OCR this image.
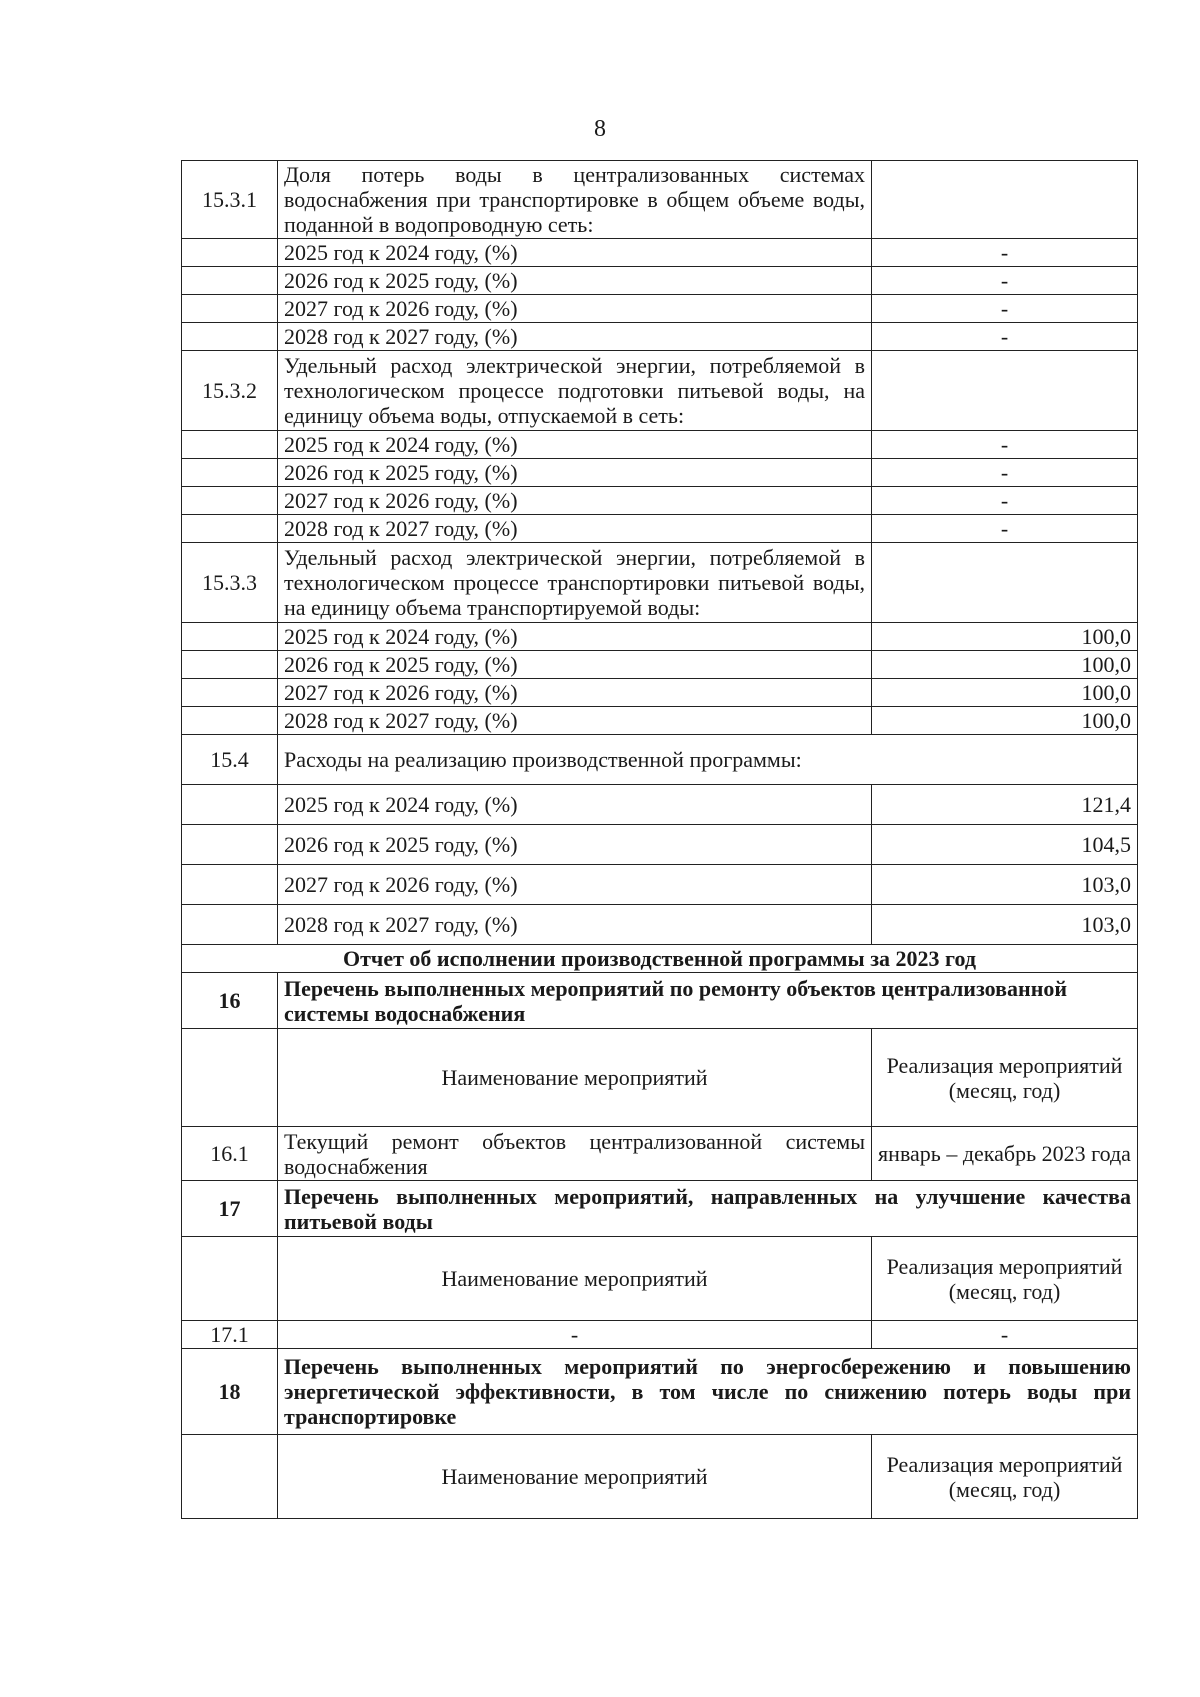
8
15.3.1	Доля потерь воды в централизованных системах водоснабжения при транспортировке в общем объеме воды, поданной в водопроводную сеть:	
	2025 год к 2024 году, (%)	-
	2026 год к 2025 году, (%)	-
	2027 год к 2026 году, (%)	-
	2028 год к 2027 году, (%)	-
15.3.2	Удельный расход электрической энергии, потребляемой в технологическом процессе подготовки питьевой воды, на единицу объема воды, отпускаемой в сеть:	
	2025 год к 2024 году, (%)	-
	2026 год к 2025 году, (%)	-
	2027 год к 2026 году, (%)	-
	2028 год к 2027 году, (%)	-
15.3.3	Удельный расход электрической энергии, потребляемой в технологическом процессе транспортировки питьевой воды, на единицу объема транспортируемой воды:	
	2025 год к 2024 году, (%)	100,0
	2026 год к 2025 году, (%)	100,0
	2027 год к 2026 году, (%)	100,0
	2028 год к 2027 году, (%)	100,0
15.4	Расходы на реализацию производственной программы:	
	2025 год к 2024 году, (%)	121,4
	2026 год к 2025 году, (%)	104,5
	2027 год к 2026 году, (%)	103,0
	2028 год к 2027 году, (%)	103,0
Отчет об исполнении производственной программы за 2023 год		
16	Перечень выполненных мероприятий по ремонту объектов централизованной системы водоснабжения	
	Наименование мероприятий	Реализация мероприятий (месяц, год)
16.1	Текущий ремонт объектов централизованной системы водоснабжения	январь – декабрь 2023 года
17	Перечень выполненных мероприятий, направленных на улучшение качества питьевой воды	
	Наименование мероприятий	Реализация мероприятий (месяц, год)
17.1	-	-
18	Перечень выполненных мероприятий по энергосбережению и повышению энергетической эффективности, в том числе по снижению потерь воды при транспортировке	
	Наименование мероприятий	Реализация мероприятий (месяц, год)
